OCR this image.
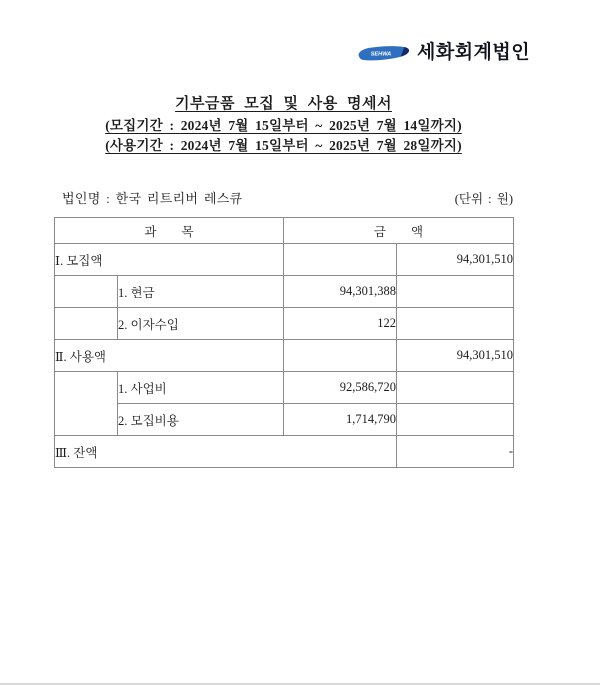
SEHWA 세화회계법인
기부금품 모집 및 사용 명세서
(모집기간 : 2024년 7월 15일부터 ~ 2025년 7월 14일까지)
(사용기간 : 2024년 7월 15일부터 ~ 2025년 7월 28일까지)
법인명 : 한국 리트리버 레스큐	(단위 : 원)
과　　목		금　　액	
Ⅰ. 모집액			94,301,510
	1. 현금	94,301,388	
	2. 이자수입	122	
Ⅱ. 사용액			94,301,510
	1. 사업비	92,586,720	
	2. 모집비용	1,714,790	
Ⅲ. 잔액			-
